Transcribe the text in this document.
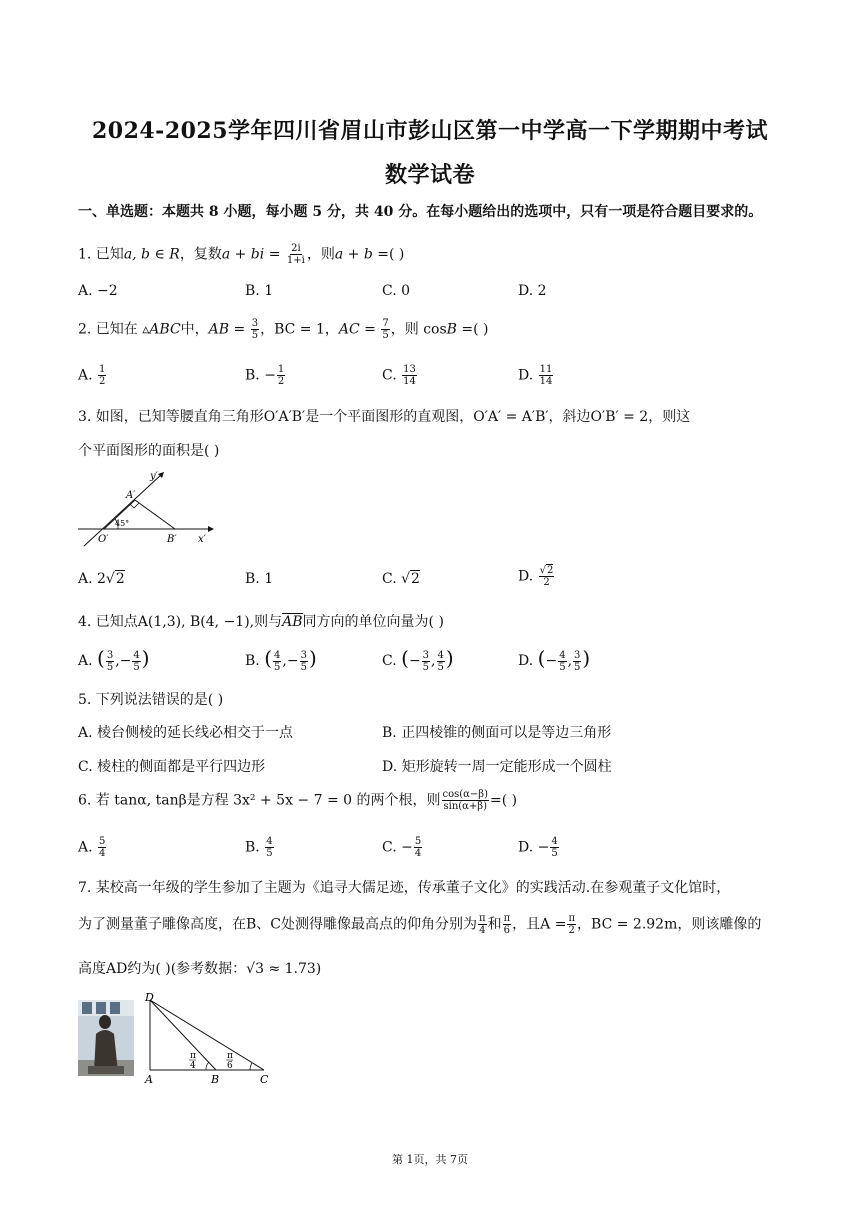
2024-2025学年四川省眉山市彭山区第一中学高一下学期期中考试
数学试卷
一、单选题：本题共 8 小题，每小题 5 分，共 40 分。在每小题给出的选项中，只有一项是符合题目要求的。
1. 已知a, b ∈ R，复数a + bi = $\frac{2i}{1+i}$ ，则a + b =( )
A. −2	B. 1	C. 0	D. 2
2. 已知在 ▵ABC中，AB = $\frac{3}{5}$ ，BC = 1，AC = $\frac{7}{5}$ ，则 cosB =( )
A. $\frac{1}{2}$	B. − $\frac{1}{2}$	C. $\frac{13}{14}$	D. $\frac{11}{14}$
3. 如图，已知等腰直角三角形O′A′B′是一个平面图形的直观图，O′A′ = A′B′，斜边O′B′ = 2，则这
个平面图形的面积是( )
y′
A′
45°
O′	B′ x′
A. 2√2	B. 1	C. √2	D. $\frac{√2}{2}$
4. 已知点A(1,3), B(4, −1),则与AB同方向的单位向量为( )
A. ( $\frac{3}{5}$ ,− $\frac{4}{5}$ )	B. ( $\frac{4}{5}$ ,− $\frac{3}{5}$ )	C. (− $\frac{3}{5}$ , $\frac{4}{5}$ )	D. (− $\frac{4}{5}$ , $\frac{3}{5}$ )
5. 下列说法错误的是( )
A. 棱台侧棱的延长线必相交于一点	B. 正四棱锥的侧面可以是等边三角形
C. 棱柱的侧面都是平行四边形	D. 矩形旋转一周一定能形成一个圆柱
6. 若 tanα, tanβ是方程 3x² + 5x − 7 = 0 的两个根，则 $\frac{\cos(\alpha-\beta)}{\sin(\alpha+\beta)}$ =( )
A. $\frac{5}{4}$	B. $\frac{4}{5}$	C. − $\frac{5}{4}$	D. − $\frac{4}{5}$
7. 某校高一年级的学生参加了主题为《追寻大儒足迹，传承董子文化》的实践活动.在参观董子文化馆时，
为了测量董子雕像高度，在B、C处测得雕像最高点的仰角分别为 $\frac{\pi}{4}$ 和 $\frac{\pi}{6}$ ，且$A = \frac{\pi}{2}$ ，BC = 2.92m，则该雕像的
高度AD约为( )(参考数据：√3 ≈ 1.73)
D
A	B	C
π
4
π
6
第 1页，共 7页
